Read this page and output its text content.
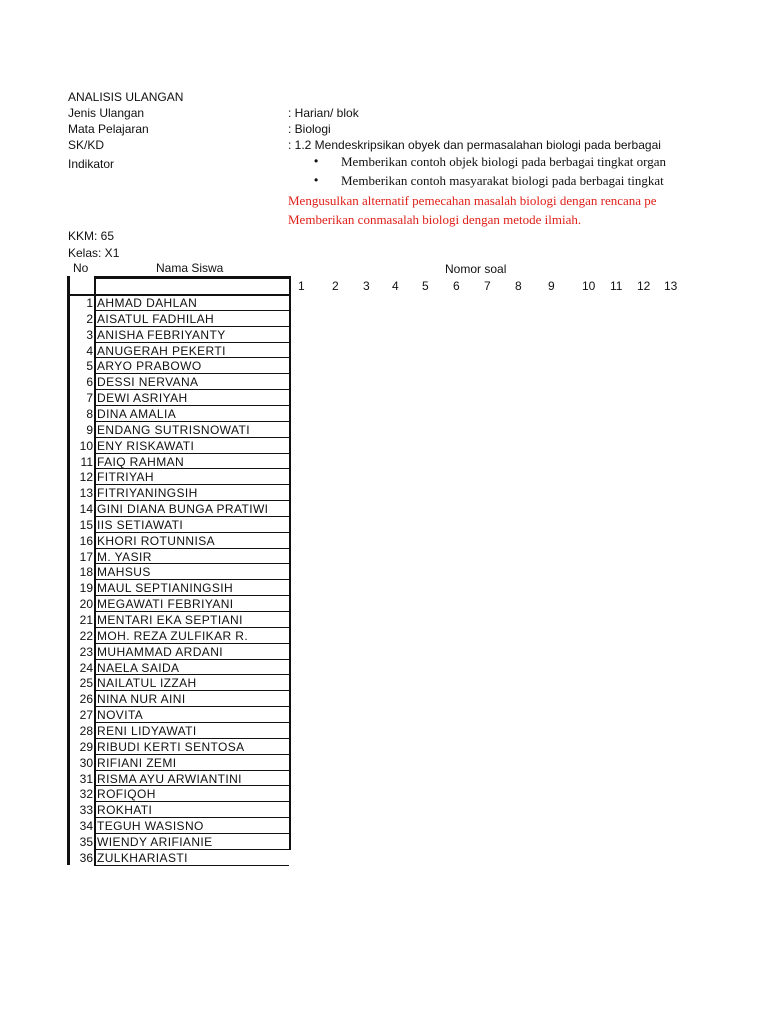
ANALISIS ULANGAN
Jenis Ulangan	: Harian/ blok
Mata Pelajaran	: Biologi
SK/KD	: 1.2 Mendeskripsikan obyek dan permasalahan biologi pada berbagai
Indikator	• Memberikan contoh objek biologi pada berbagai tingkat organ
• Memberikan contoh masyarakat biologi pada berbagai tingkat
Mengusulkan alternatif pemecahan masalah biologi dengan rencana pe
Memberikan conmasalah biologi dengan metode ilmiah.
KKM: 65
Kelas: X1
No	Nama Siswa	Nomor soal
1 2 3 4 5 6 7 8 9 10 11 12 13
1 AHMAD DAHLAN
2 AISATUL FADHILAH
3 ANISHA FEBRIYANTY
4 ANUGERAH PEKERTI
5 ARYO PRABOWO
6 DESSI NERVANA
7 DEWI ASRIYAH
8 DINA AMALIA
9 ENDANG SUTRISNOWATI
10 ENY RISKAWATI
11 FAIQ RAHMAN
12 FITRIYAH
13 FITRIYANINGSIH
14 GINI DIANA BUNGA PRATIWI
15 IIS SETIAWATI
16 KHORI ROTUNNISA
17 M. YASIR
18 MAHSUS
19 MAUL SEPTIANINGSIH
20 MEGAWATI FEBRIYANI
21 MENTARI EKA SEPTIANI
22 MOH. REZA ZULFIKAR R.
23 MUHAMMAD ARDANI
24 NAELA SAIDA
25 NAILATUL IZZAH
26 NINA NUR AINI
27 NOVITA
28 RENI LIDYAWATI
29 RIBUDI KERTI SENTOSA
30 RIFIANI ZEMI
31 RISMA AYU ARWIANTINI
32 ROFIQOH
33 ROKHATI
34 TEGUH WASISNO
35 WIENDY ARIFIANIE
36 ZULKHARIASTI
